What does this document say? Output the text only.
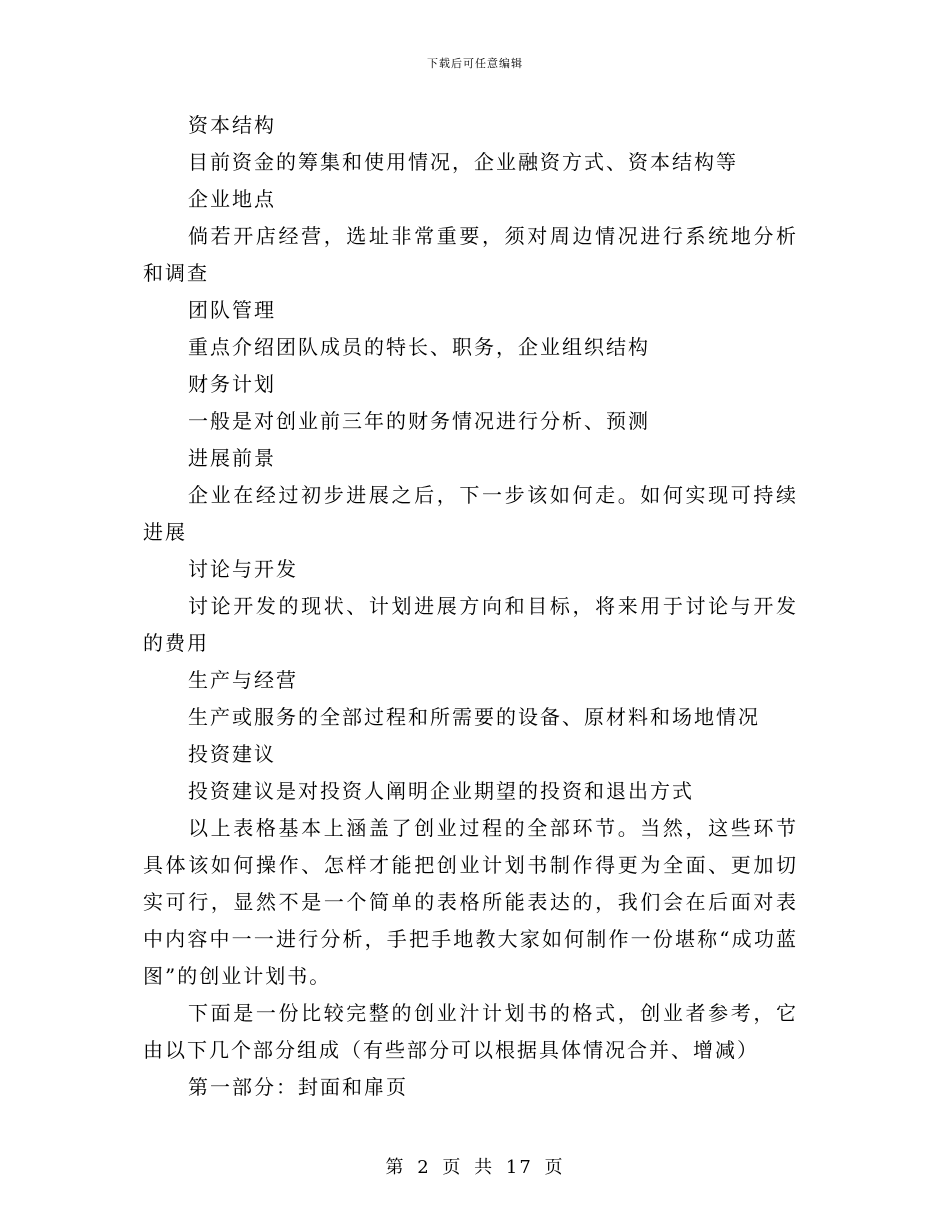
下载后可任意编辑

资本结构

目前资金的筹集和使用情况，企业融资方式、资本结构等

企业地点

倘若开店经营，选址非常重要，须对周边情况进行系统地分析和调查

团队管理

重点介绍团队成员的特长、职务，企业组织结构

财务计划

一般是对创业前三年的财务情况进行分析、预测

进展前景

企业在经过初步进展之后，下一步该如何走。如何实现可持续进展

讨论与开发

讨论开发的现状、计划进展方向和目标，将来用于讨论与开发的费用

生产与经营

生产或服务的全部过程和所需要的设备、原材料和场地情况

投资建议

投资建议是对投资人阐明企业期望的投资和退出方式

以上表格基本上涵盖了创业过程的全部环节。当然，这些环节具体该如何操作、怎样才能把创业计划书制作得更为全面、更加切实可行，显然不是一个简单的表格所能表达的，我们会在后面对表中内容中一一进行分析，手把手地教大家如何制作一份堪称“成功蓝图”的创业计划书。

下面是一份比较完整的创业汁计划书的格式，创业者参考，它由以下几个部分组成（有些部分可以根据具体情况合并、增减）

第一部分：封面和扉页

第 2 页 共 17 页
